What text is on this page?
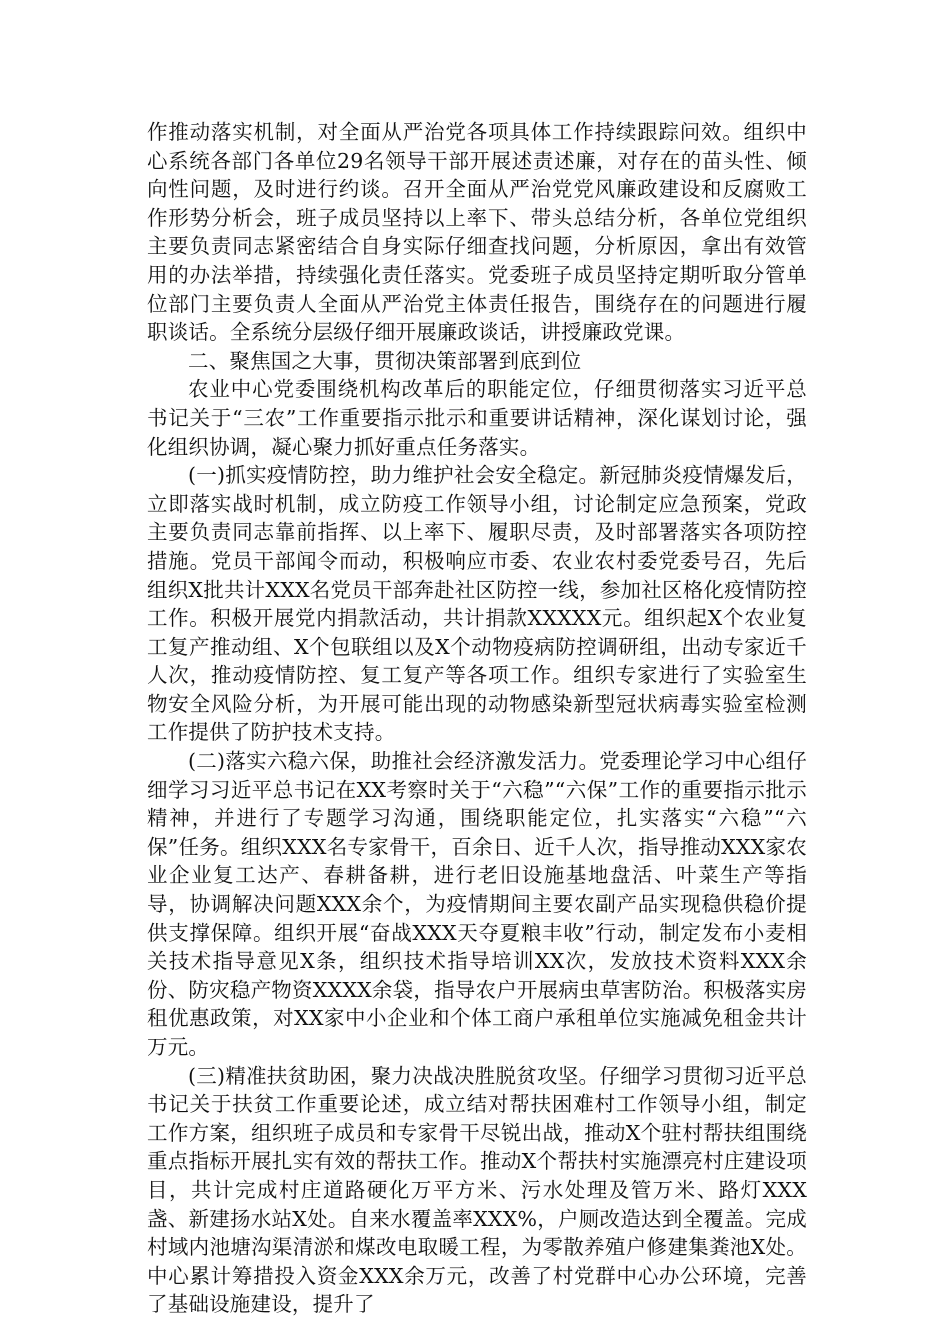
作推动落实机制，对全面从严治党各项具体工作持续跟踪问效。组织中心系统各部门各单位29名领导干部开展述责述廉，对存在的苗头性、倾向性问题，及时进行约谈。召开全面从严治党党风廉政建设和反腐败工作形势分析会，班子成员坚持以上率下、带头总结分析，各单位党组织主要负责同志紧密结合自身实际仔细查找问题，分析原因，拿出有效管用的办法举措，持续强化责任落实。党委班子成员坚持定期听取分管单位部门主要负责人全面从严治党主体责任报告，围绕存在的问题进行履职谈话。全系统分层级仔细开展廉政谈话，讲授廉政党课。

二、聚焦国之大事，贯彻决策部署到底到位

农业中心党委围绕机构改革后的职能定位，仔细贯彻落实习近平总书记关于“三农”工作重要指示批示和重要讲话精神，深化谋划讨论，强化组织协调，凝心聚力抓好重点任务落实。

(一)抓实疫情防控，助力维护社会安全稳定。新冠肺炎疫情爆发后，立即落实战时机制，成立防疫工作领导小组，讨论制定应急预案，党政主要负责同志靠前指挥、以上率下、履职尽责，及时部署落实各项防控措施。党员干部闻令而动，积极响应市委、农业农村委党委号召，先后组织X批共计XXX名党员干部奔赴社区防控一线，参加社区格化疫情防控工作。积极开展党内捐款活动，共计捐款XXXXX元。组织起X个农业复工复产推动组、X个包联组以及X个动物疫病防控调研组，出动专家近千人次，推动疫情防控、复工复产等各项工作。组织专家进行了实验室生物安全风险分析，为开展可能出现的动物感染新型冠状病毒实验室检测工作提供了防护技术支持。

(二)落实六稳六保，助推社会经济激发活力。党委理论学习中心组仔细学习习近平总书记在XX考察时关于“六稳”“六保”工作的重要指示批示精神，并进行了专题学习沟通，围绕职能定位，扎实落实“六稳”“六保”任务。组织XXX名专家骨干，百余日、近千人次，指导推动XXX家农业企业复工达产、春耕备耕，进行老旧设施基地盘活、叶菜生产等指导，协调解决问题XXX余个，为疫情期间主要农副产品实现稳供稳价提供支撑保障。组织开展“奋战XXX天夺夏粮丰收”行动，制定发布小麦相关技术指导意见X条，组织技术指导培训XX次，发放技术资料XXX余份、防灾稳产物资XXXX余袋，指导农户开展病虫草害防治。积极落实房租优惠政策，对XX家中小企业和个体工商户承租单位实施减免租金共计万元。

(三)精准扶贫助困，聚力决战决胜脱贫攻坚。仔细学习贯彻习近平总书记关于扶贫工作重要论述，成立结对帮扶困难村工作领导小组，制定工作方案，组织班子成员和专家骨干尽锐出战，推动X个驻村帮扶组围绕重点指标开展扎实有效的帮扶工作。推动X个帮扶村实施漂亮村庄建设项目，共计完成村庄道路硬化万平方米、污水处理及管万米、路灯XXX盏、新建扬水站X处。自来水覆盖率XXX%，户厕改造达到全覆盖。完成村域内池塘沟渠清淤和煤改电取暖工程，为零散养殖户修建集粪池X处。中心累计筹措投入资金XXX余万元，改善了村党群中心办公环境，完善了基础设施建设，提升了
